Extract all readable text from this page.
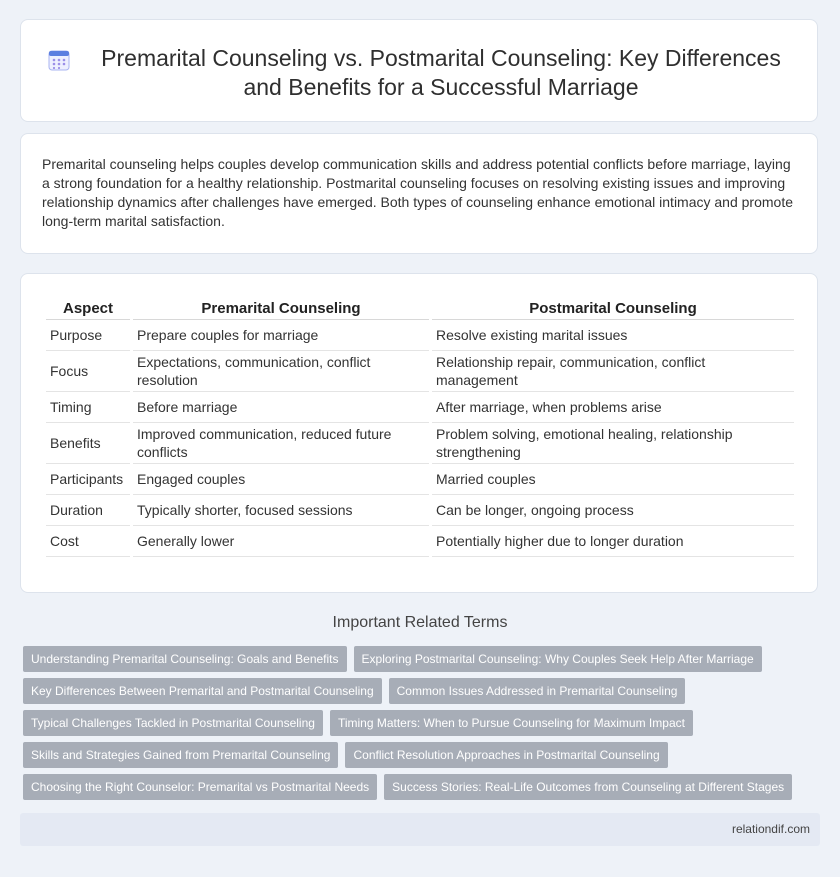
Premarital Counseling vs. Postmarital Counseling: Key Differences and Benefits for a Successful Marriage

Premarital counseling helps couples develop communication skills and address potential conflicts before marriage, laying a strong foundation for a healthy relationship. Postmarital counseling focuses on resolving existing issues and improving relationship dynamics after challenges have emerged. Both types of counseling enhance emotional intimacy and promote long-term marital satisfaction.

Aspect	Premarital Counseling	Postmarital Counseling
Purpose	Prepare couples for marriage	Resolve existing marital issues
Focus	Expectations, communication, conflict resolution	Relationship repair, communication, conflict management
Timing	Before marriage	After marriage, when problems arise
Benefits	Improved communication, reduced future conflicts	Problem solving, emotional healing, relationship strengthening
Participants	Engaged couples	Married couples
Duration	Typically shorter, focused sessions	Can be longer, ongoing process
Cost	Generally lower	Potentially higher due to longer duration
Important Related Terms
Understanding Premarital Counseling: Goals and Benefits	Exploring Postmarital Counseling: Why Couples Seek Help After Marriage
Key Differences Between Premarital and Postmarital Counseling	Common Issues Addressed in Premarital Counseling
Typical Challenges Tackled in Postmarital Counseling	Timing Matters: When to Pursue Counseling for Maximum Impact
Skills and Strategies Gained from Premarital Counseling	Conflict Resolution Approaches in Postmarital Counseling
Choosing the Right Counselor: Premarital vs Postmarital Needs	Success Stories: Real-Life Outcomes from Counseling at Different Stages
relationdif.com
